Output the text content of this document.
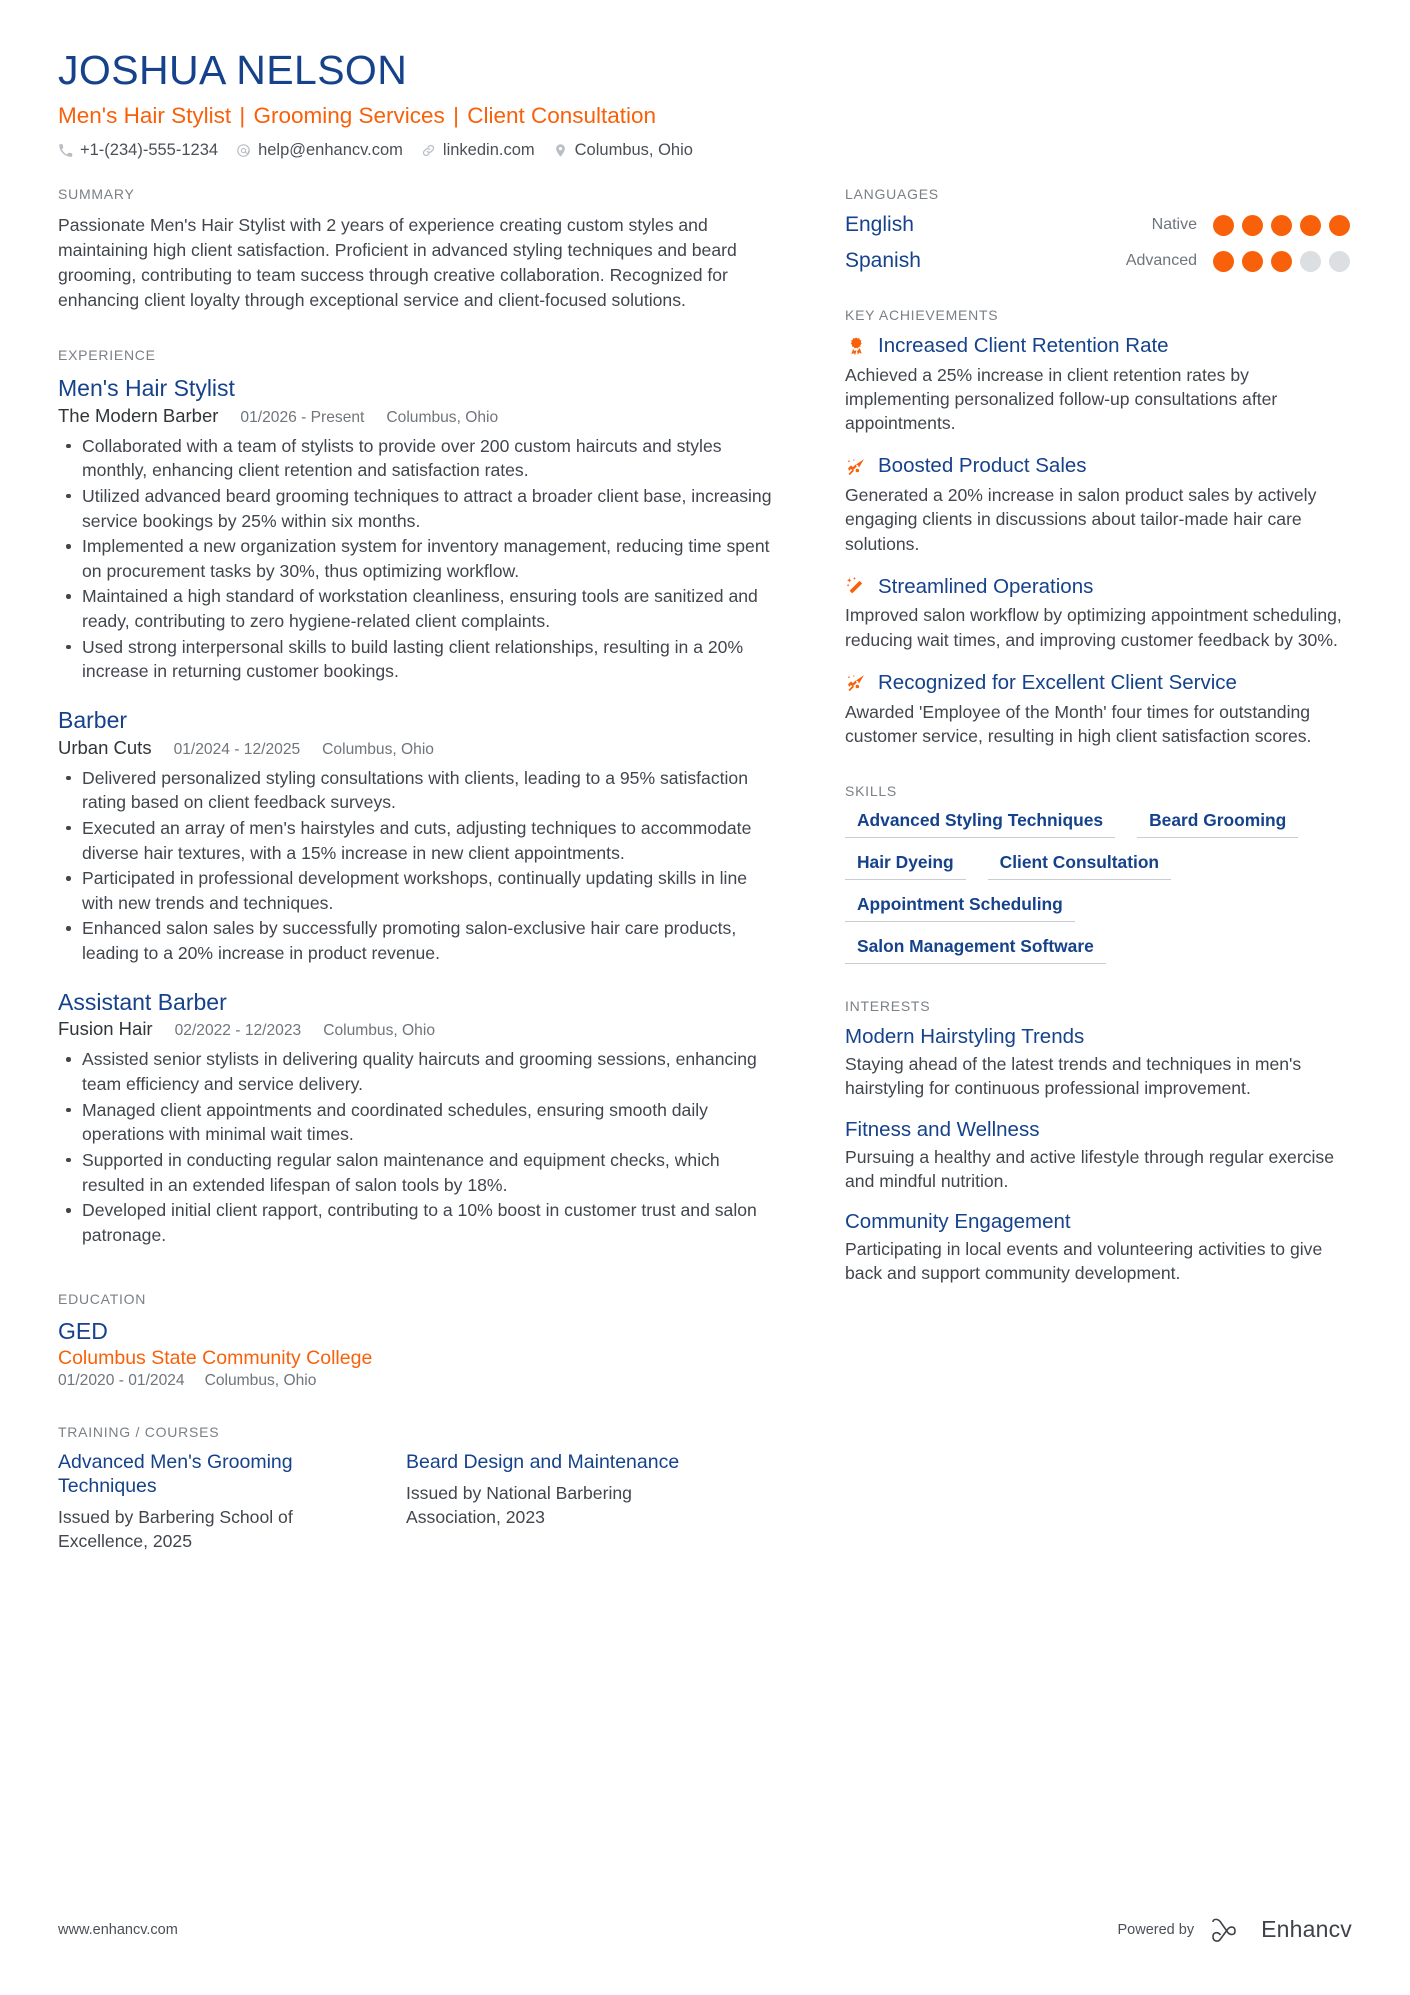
JOSHUA NELSON
Men's Hair Stylist | Grooming Services | Client Consultation
+1-(234)-555-1234 help@enhancv.com linkedin.com Columbus, Ohio
SUMMARY
Passionate Men's Hair Stylist with 2 years of experience creating custom styles and maintaining high client satisfaction. Proficient in advanced styling techniques and beard grooming, contributing to team success through creative collaboration. Recognized for enhancing client loyalty through exceptional service and client-focused solutions.
EXPERIENCE
Men's Hair Stylist
The Modern Barber 01/2026 - Present Columbus, Ohio
Collaborated with a team of stylists to provide over 200 custom haircuts and styles monthly, enhancing client retention and satisfaction rates.
Utilized advanced beard grooming techniques to attract a broader client base, increasing service bookings by 25% within six months.
Implemented a new organization system for inventory management, reducing time spent on procurement tasks by 30%, thus optimizing workflow.
Maintained a high standard of workstation cleanliness, ensuring tools are sanitized and ready, contributing to zero hygiene-related client complaints.
Used strong interpersonal skills to build lasting client relationships, resulting in a 20% increase in returning customer bookings.
Barber
Urban Cuts 01/2024 - 12/2025 Columbus, Ohio
Delivered personalized styling consultations with clients, leading to a 95% satisfaction rating based on client feedback surveys.
Executed an array of men's hairstyles and cuts, adjusting techniques to accommodate diverse hair textures, with a 15% increase in new client appointments.
Participated in professional development workshops, continually updating skills in line with new trends and techniques.
Enhanced salon sales by successfully promoting salon-exclusive hair care products, leading to a 20% increase in product revenue.
Assistant Barber
Fusion Hair 02/2022 - 12/2023 Columbus, Ohio
Assisted senior stylists in delivering quality haircuts and grooming sessions, enhancing team efficiency and service delivery.
Managed client appointments and coordinated schedules, ensuring smooth daily operations with minimal wait times.
Supported in conducting regular salon maintenance and equipment checks, which resulted in an extended lifespan of salon tools by 18%.
Developed initial client rapport, contributing to a 10% boost in customer trust and salon patronage.
EDUCATION
GED
Columbus State Community College
01/2020 - 01/2024 Columbus, Ohio
TRAINING / COURSES
Advanced Men's Grooming Techniques
Issued by Barbering School of Excellence, 2025
Beard Design and Maintenance
Issued by National Barbering Association, 2023
LANGUAGES
English	Native
Spanish	Advanced
KEY ACHIEVEMENTS
Increased Client Retention Rate
Achieved a 25% increase in client retention rates by implementing personalized follow-up consultations after appointments.
Boosted Product Sales
Generated a 20% increase in salon product sales by actively engaging clients in discussions about tailor-made hair care solutions.
Streamlined Operations
Improved salon workflow by optimizing appointment scheduling, reducing wait times, and improving customer feedback by 30%.
Recognized for Excellent Client Service
Awarded 'Employee of the Month' four times for outstanding customer service, resulting in high client satisfaction scores.
SKILLS
Advanced Styling Techniques	Beard Grooming
Hair Dyeing	Client Consultation
Appointment Scheduling
Salon Management Software
INTERESTS
Modern Hairstyling Trends
Staying ahead of the latest trends and techniques in men's hairstyling for continuous professional improvement.
Fitness and Wellness
Pursuing a healthy and active lifestyle through regular exercise and mindful nutrition.
Community Engagement
Participating in local events and volunteering activities to give back and support community development.
www.enhancv.com	Powered by	Enhancv
